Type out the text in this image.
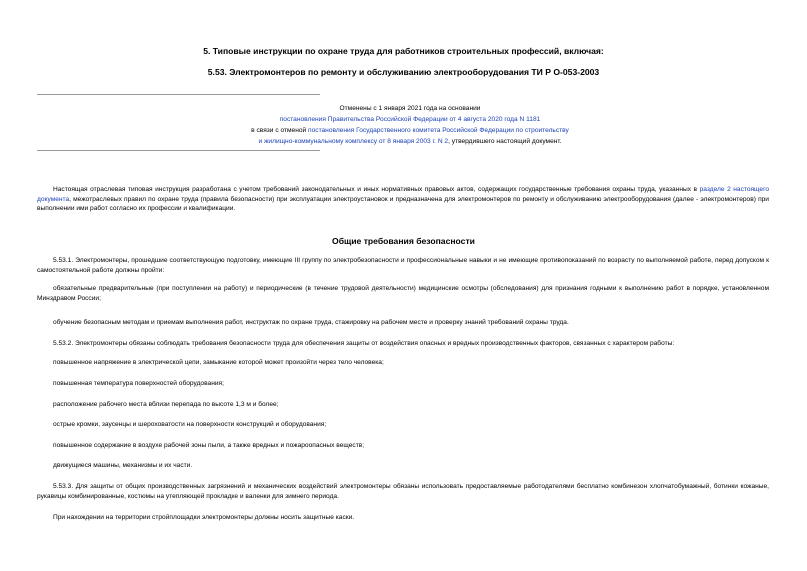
5. Типовые инструкции по охране труда для работников строительных профессий, включая:
5.53. Электромонтеров по ремонту и обслуживанию электрооборудования ТИ Р О-053-2003
Отменены с 1 января 2021 года на основании
постановления Правительства Российской Федерации от 4 августа 2020 года N 1181
в связи с отменой постановления Государственного комитета Российской Федерации по строительству
и жилищно-коммунальному комплексу от 8 января 2003 г. N 2, утвердившего настоящий документ.
Настоящая отраслевая типовая инструкция разработана с учетом требований законодательных и иных нормативных правовых актов, содержащих государственные требования охраны труда, указанных в разделе 2 настоящего документа, межотраслевых правил по охране труда (правила безопасности) при эксплуатации электроустановок и предназначена для электромонтеров по ремонту и обслуживанию электрооборудования (далее - электромонтеров) при выполнении ими работ согласно их профессии и квалификации.
Общие требования безопасности
5.53.1. Электромонтеры, прошедшие соответствующую подготовку, имеющие III группу по электробезопасности и профессиональные навыки и не имеющие противопоказаний по возрасту по выполняемой работе, перед допуском к самостоятельной работе должны пройти:
обязательные предварительные (при поступлении на работу) и периодические (в течение трудовой деятельности) медицинские осмотры (обследования) для признания годными к выполнению работ в порядке, установленном Минздравом России;
обучение безопасным методам и приемам выполнения работ, инструктаж по охране труда, стажировку на рабочем месте и проверку знаний требований охраны труда.
5.53.2. Электромонтеры обязаны соблюдать требования безопасности труда для обеспечения защиты от воздействия опасных и вредных производственных факторов, связанных с характером работы:
повышенное напряжение в электрической цепи, замыкание которой может произойти через тело человека;
повышенная температура поверхностей оборудования;
расположение рабочего места вблизи перепада по высоте 1,3 м и более;
острые кромки, заусенцы и шероховатости на поверхности конструкций и оборудования;
повышенное содержание в воздухе рабочей зоны пыли, а также вредных и пожароопасных веществ;
движущиеся машины, механизмы и их части.
5.53.3. Для защиты от общих производственных загрязнений и механических воздействий электромонтеры обязаны использовать предоставляемые работодателями бесплатно комбинезон хлопчатобумажный, ботинки кожаные, рукавицы комбинированные, костюмы на утепляющей прокладке и валенки для зимнего периода.
При нахождении на территории стройплощадки электромонтеры должны носить защитные каски.
